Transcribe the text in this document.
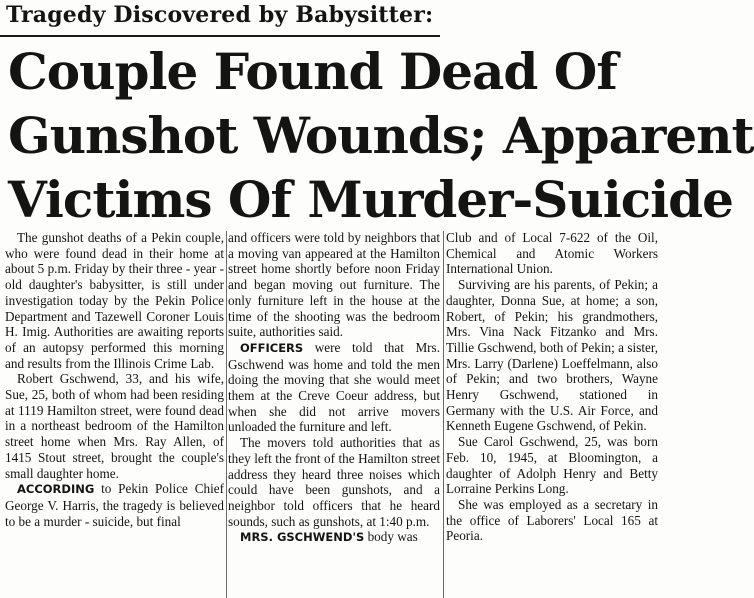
Tragedy Discovered by Babysitter:
Couple Found Dead Of
Gunshot Wounds; Apparent
Victims Of Murder-Suicide

The gunshot deaths of a Pekin couple, who were found dead in their home at about 5 p.m. Friday by their three - year - old daughter's babysitter, is still under investigation today by the Pekin Police Department and Tazewell Coroner Louis H. Imig. Authorities are awaiting reports of an autopsy performed this morning and results from the Illinois Crime Lab.

Robert Gschwend, 33, and his wife, Sue, 25, both of whom had been residing at 1119 Hamilton street, were found dead in a northeast bedroom of the Hamilton street home when Mrs. Ray Allen, of 1415 Stout street, brought the couple's small daughter home.

ACCORDING to Pekin Police Chief George V. Harris, the tragedy is believed to be a murder - suicide, but final

and officers were told by neighbors that a moving van appeared at the Hamilton street home shortly before noon Friday and began moving out furniture. The only furniture left in the house at the time of the shooting was the bedroom suite, authorities said.

OFFICERS were told that Mrs. Gschwend was home and told the men doing the moving that she would meet them at the Creve Coeur address, but when she did not arrive movers unloaded the furniture and left.

The movers told authorities that as they left the front of the Hamilton street address they heard three noises which could have been gunshots, and a neighbor told officers that he heard sounds, such as gunshots, at 1:40 p.m.

MRS. GSCHWEND'S body was

Club and of Local 7-622 of the Oil, Chemical and Atomic Workers International Union.

Surviving are his parents, of Pekin; a daughter, Donna Sue, at home; a son, Robert, of Pekin; his grandmothers, Mrs. Vina Nack Fitzanko and Mrs. Tillie Gschwend, both of Pekin; a sister, Mrs. Larry (Darlene) Loeffelmann, also of Pekin; and two brothers, Wayne Henry Gschwend, stationed in Germany with the U.S. Air Force, and Kenneth Eugene Gschwend, of Pekin.

Sue Carol Gschwend, 25, was born Feb. 10, 1945, at Bloomington, a daughter of Adolph Henry and Betty Lorraine Perkins Long.

She was employed as a secretary in the office of Laborers' Local 165 at Peoria.
